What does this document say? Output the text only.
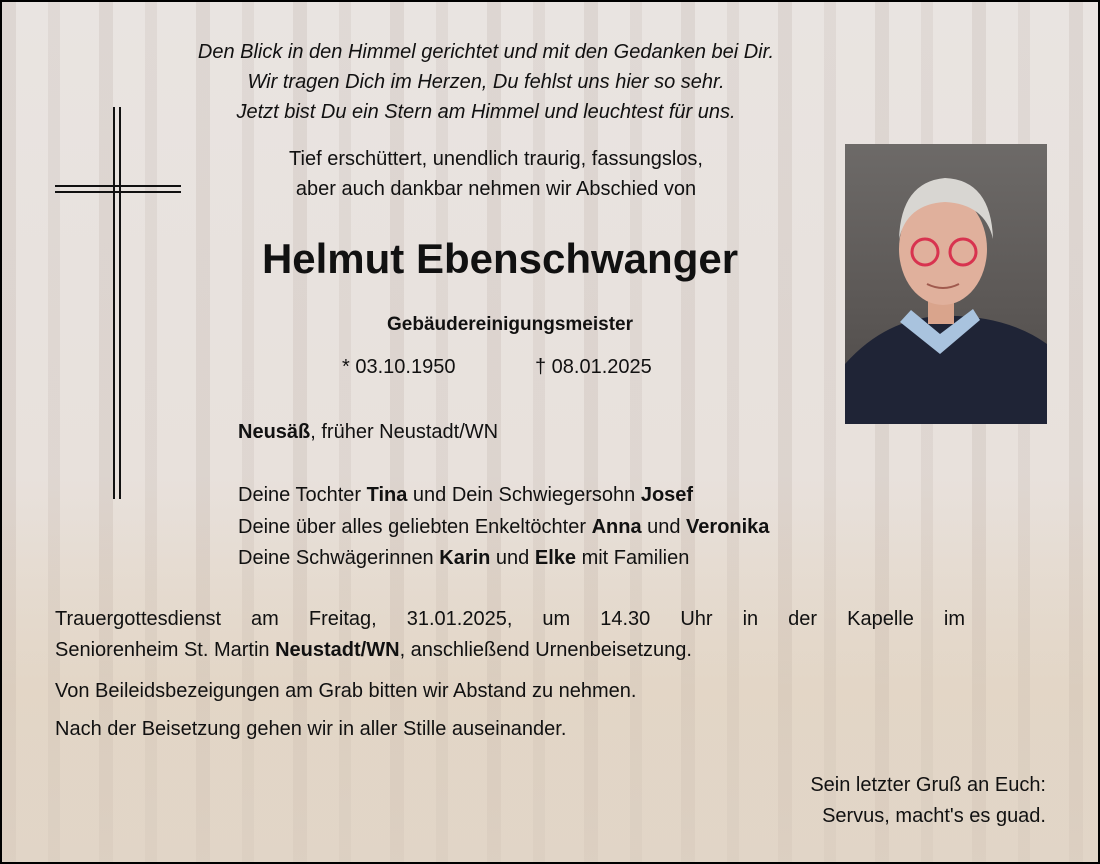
Den Blick in den Himmel gerichtet und mit den Gedanken bei Dir.
Wir tragen Dich im Herzen, Du fehlst uns hier so sehr.
Jetzt bist Du ein Stern am Himmel und leuchtest für uns.
Tief erschüttert, unendlich traurig, fassungslos,
aber auch dankbar nehmen wir Abschied von
Helmut Ebenschwanger
Gebäudereinigungsmeister
* 03.10.1950	† 08.01.2025
Neusäß, früher Neustadt/WN
Deine Tochter Tina und Dein Schwiegersohn Josef
Deine über alles geliebten Enkeltöchter Anna und Veronika
Deine Schwägerinnen Karin und Elke mit Familien
Trauergottesdienst am Freitag, 31.01.2025, um 14.30 Uhr in der Kapelle im
Seniorenheim St. Martin Neustadt/WN, anschließend Urnenbeisetzung.
Von Beileidsbezeigungen am Grab bitten wir Abstand zu nehmen.
Nach der Beisetzung gehen wir in aller Stille auseinander.
Sein letzter Gruß an Euch:
Servus, macht's es guad.
